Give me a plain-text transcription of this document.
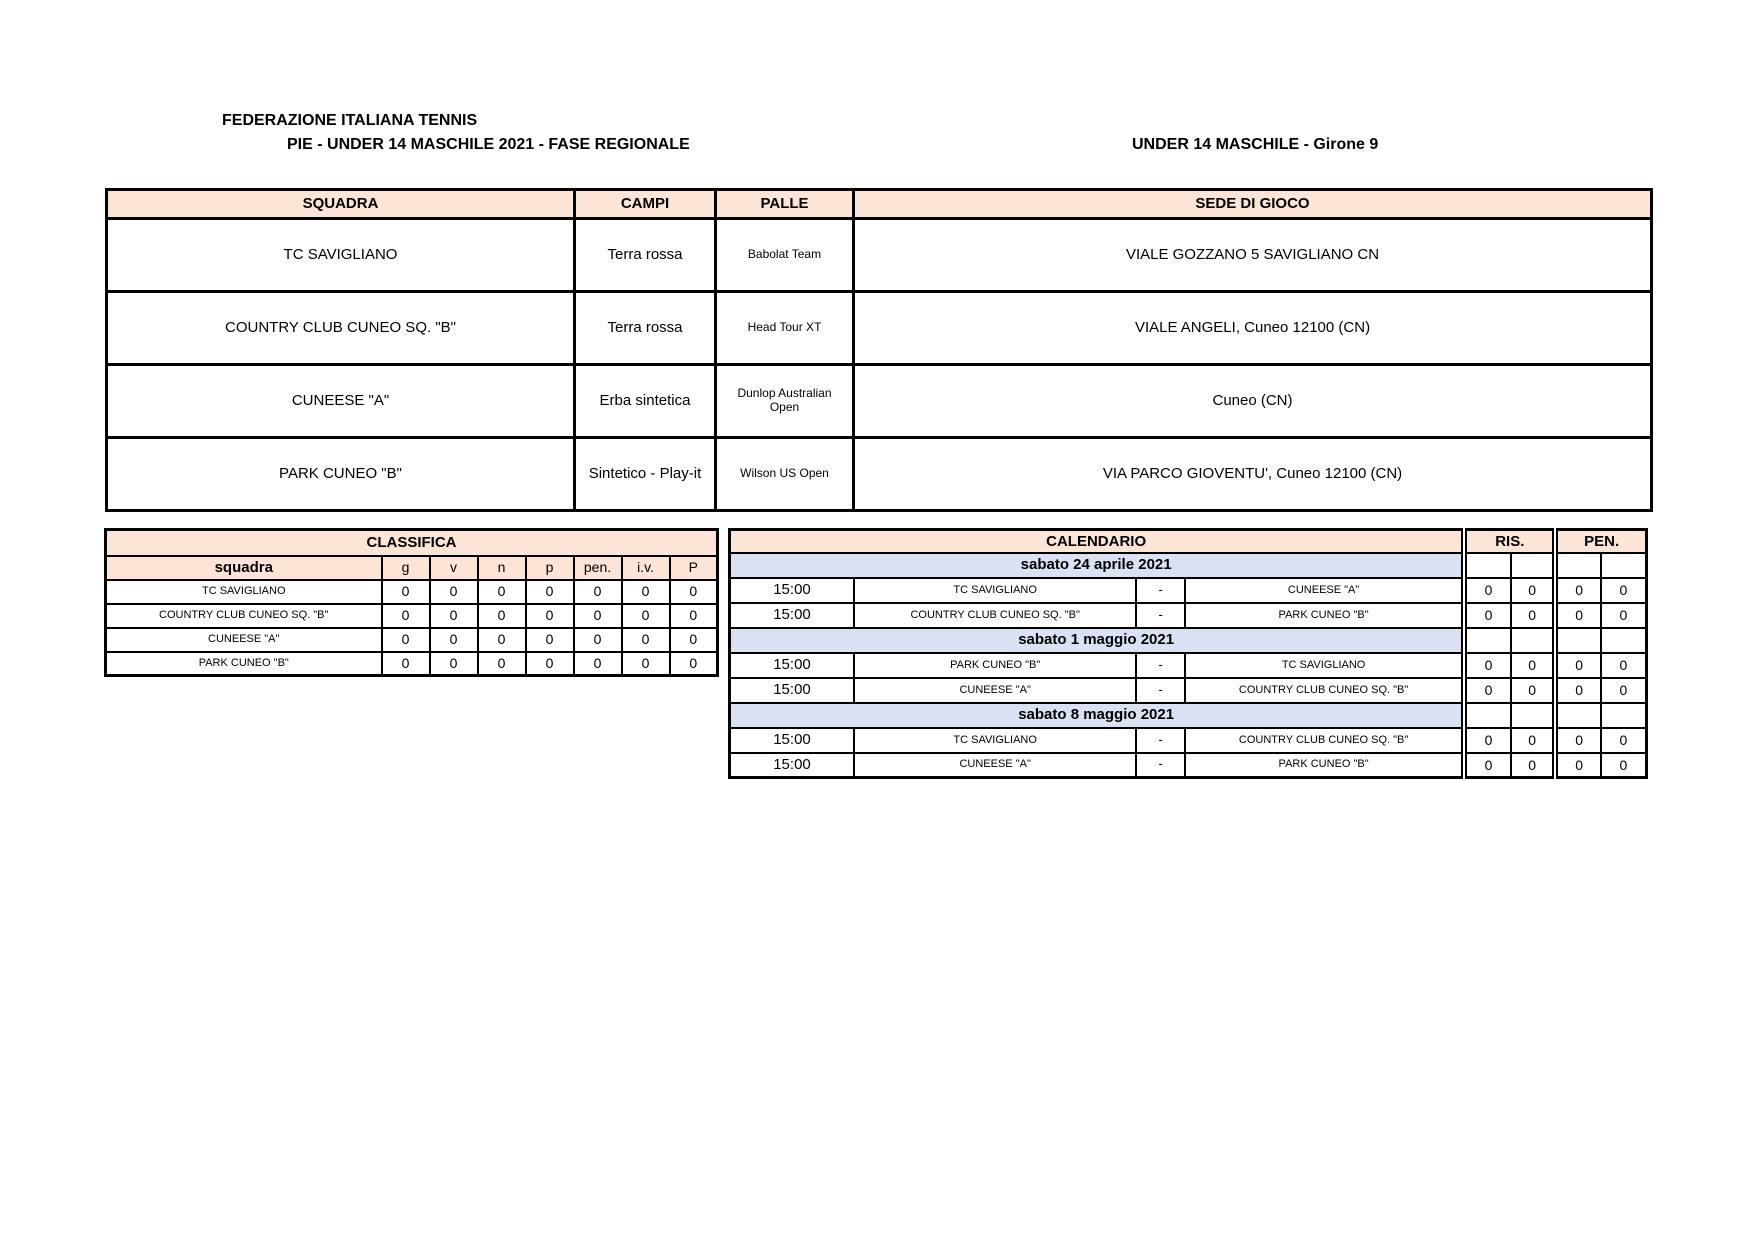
FEDERAZIONE ITALIANA TENNIS
PIE - UNDER 14 MASCHILE 2021 - FASE REGIONALE	UNDER 14 MASCHILE - Girone 9
SQUADRA	CAMPI	PALLE	SEDE DI GIOCO
TC SAVIGLIANO	Terra rossa	Babolat Team	VIALE GOZZANO 5 SAVIGLIANO CN
COUNTRY CLUB CUNEO SQ. "B"	Terra rossa	Head Tour XT	VIALE ANGELI, Cuneo 12100 (CN)
CUNEESE "A"	Erba sintetica	Dunlop Australian Open	Cuneo (CN)
PARK CUNEO "B"	Sintetico - Play-it	Wilson US Open	VIA PARCO GIOVENTU', Cuneo 12100 (CN)
CLASSIFICA							
squadra	g	v	n	p	pen.	i.v.	P
TC SAVIGLIANO	0	0	0	0	0	0	0
COUNTRY CLUB CUNEO SQ. "B"	0	0	0	0	0	0	0
CUNEESE "A"	0	0	0	0	0	0	0
PARK CUNEO "B"	0	0	0	0	0	0	0
CALENDARIO				RIS.		PEN.	
sabato 24 aprile 2021							
15:00	TC SAVIGLIANO	-	CUNEESE "A"	0	0	0	0
15:00	COUNTRY CLUB CUNEO SQ. "B"	-	PARK CUNEO "B"	0	0	0	0
sabato 1 maggio 2021							
15:00	PARK CUNEO "B"	-	TC SAVIGLIANO	0	0	0	0
15:00	CUNEESE "A"	-	COUNTRY CLUB CUNEO SQ. "B"	0	0	0	0
sabato 8 maggio 2021							
15:00	TC SAVIGLIANO	-	COUNTRY CLUB CUNEO SQ. "B"	0	0	0	0
15:00	CUNEESE "A"	-	PARK CUNEO "B"	0	0	0	0
